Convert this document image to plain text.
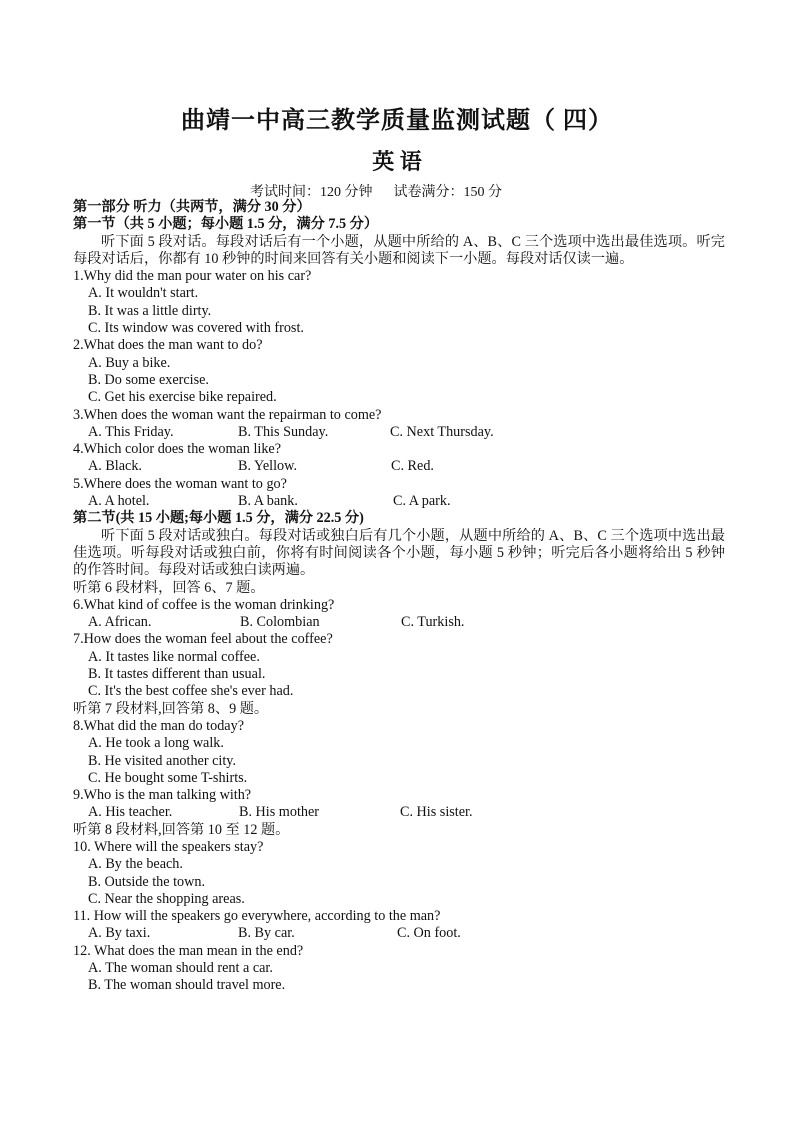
曲靖一中高三教学质量监测试题（ 四）
英 语
考试时间：120 分钟      试卷满分：150 分
第一部分 听力（共两节，满分 30 分）
第一节（共 5 小题；每小题 1.5 分，满分 7.5 分）
听下面 5 段对话。每段对话后有一个小题，从题中所给的 A、B、C 三个选项中选出最佳选项。听完每段对话后，你都有 10 秒钟的时间来回答有关小题和阅读下一小题。每段对话仅读一遍。
1.Why did the man pour water on his car?
A. It wouldn't start.
B. It was a little dirty.
C. Its window was covered with frost.
2.What does the man want to do?
A. Buy a bike.
B. Do some exercise.
C. Get his exercise bike repaired.
3.When does the woman want the repairman to come?
A. This Friday.	B. This Sunday.	C. Next Thursday.
4.Which color does the woman like?
A. Black.	B. Yellow.	C. Red.
5.Where does the woman want to go?
A. A hotel.	B. A bank.	C. A park.
第二节(共 15 小题;每小题 1.5 分，满分 22.5 分)
听下面 5 段对话或独白。每段对话或独白后有几个小题，从题中所给的 A、B、C 三个选项中选出最佳选项。听每段对话或独白前，你将有时间阅读各个小题，每小题 5 秒钟；听完后各小题将给出 5 秒钟的作答时间。每段对话或独白读两遍。
听第 6 段材料，回答 6、7 题。
6.What kind of coffee is the woman drinking?
A. African.	B. Colombian	C. Turkish.
7.How does the woman feel about the coffee?
A. It tastes like normal coffee.
B. It tastes different than usual.
C. It's the best coffee she's ever had.
听第 7 段材料,回答第 8、9 题。
8.What did the man do today?
A. He took a long walk.
B. He visited another city.
C. He bought some T-shirts.
9.Who is the man talking with?
A. His teacher.	B. His mother	C. His sister.
听第 8 段材料,回答第 10 至 12 题。
10. Where will the speakers stay?
A. By the beach.
B. Outside the town.
C. Near the shopping areas.
11. How will the speakers go everywhere, according to the man?
A. By taxi.	B. By car.	C. On foot.
12. What does the man mean in the end?
A. The woman should rent a car.
B. The woman should travel more.
